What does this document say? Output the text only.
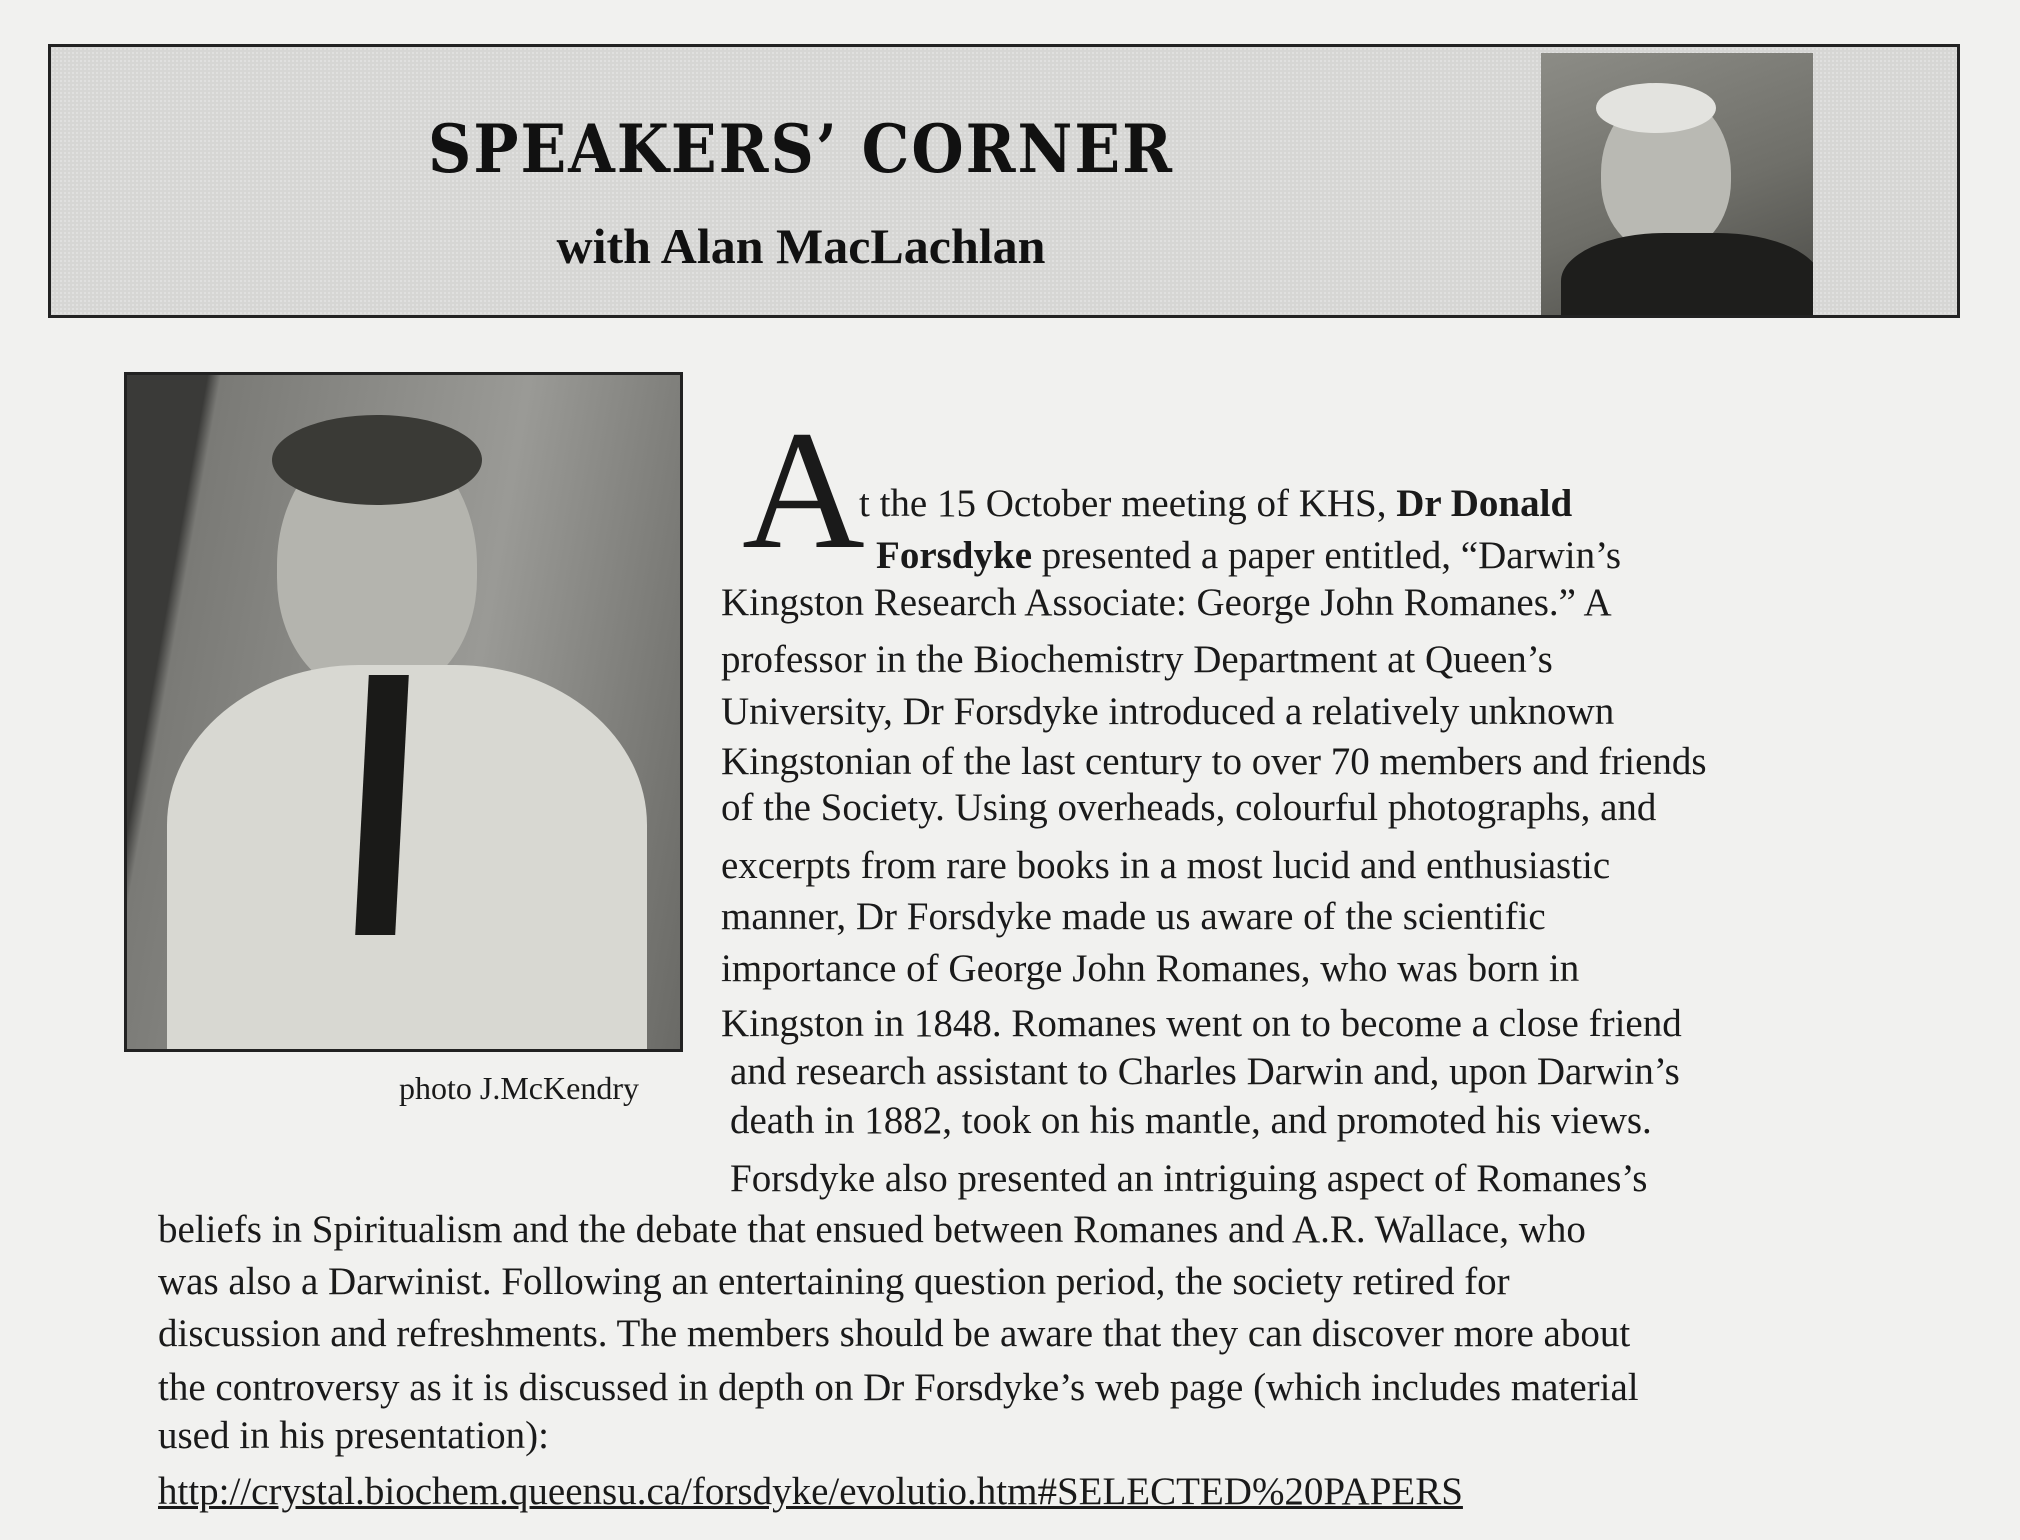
SPEAKERS’ CORNER
with Alan MacLachlan
photo J.McKendry
A
t the 15 October meeting of KHS, Dr Donald
Forsdyke presented a paper entitled, “Darwin’s
Kingston Research Associate: George John Romanes.” A
professor in the Biochemistry Department at Queen’s
University, Dr Forsdyke introduced a relatively unknown
Kingstonian of the last century to over 70 members and friends
of the Society. Using overheads, colourful photographs, and
excerpts from rare books in a most lucid and enthusiastic
manner, Dr Forsdyke made us aware of the scientific
importance of George John Romanes, who was born in
Kingston in 1848. Romanes went on to become a close friend
and research assistant to Charles Darwin and, upon Darwin’s
death in 1882, took on his mantle, and promoted his views.
Forsdyke also presented an intriguing aspect of Romanes’s
beliefs in Spiritualism and the debate that ensued between Romanes and A.R. Wallace, who
was also a Darwinist. Following an entertaining question period, the society retired for
discussion and refreshments. The members should be aware that they can discover more about
the controversy as it is discussed in depth on Dr Forsdyke’s web page (which includes material
used in his presentation):
http://crystal.biochem.queensu.ca/forsdyke/evolutio.htm#SELECTED%20PAPERS
